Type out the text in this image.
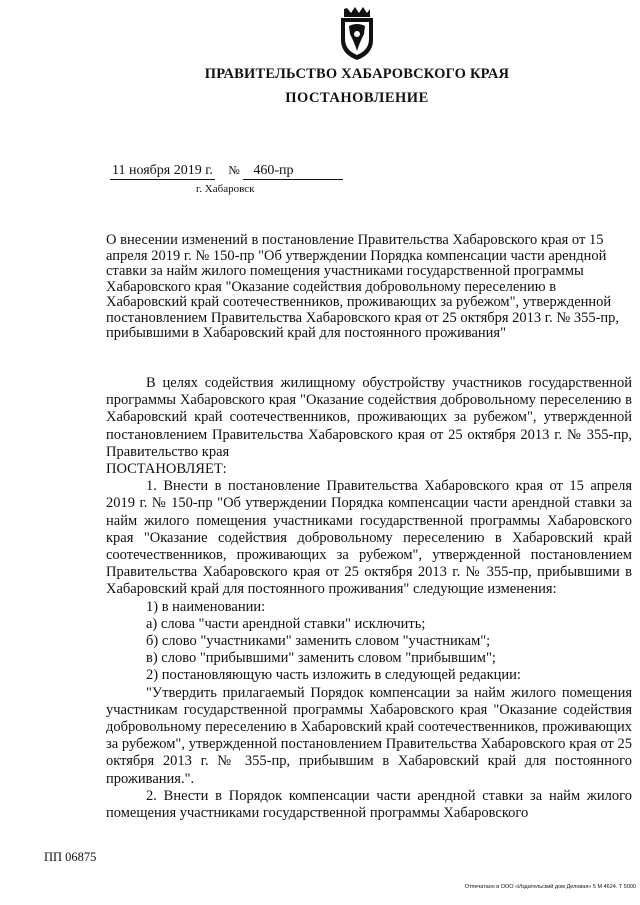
ПРАВИТЕЛЬСТВО ХАБАРОВСКОГО КРАЯ
ПОСТАНОВЛЕНИЕ
11 ноября 2019 г. № 460-пр
г. Хабаровск
О внесении изменений в постановление Правительства Хабаровского края от 15 апреля 2019 г. № 150-пр "Об утверждении Порядка компенсации части арендной ставки за найм жилого помещения участниками государственной программы Хабаровского края "Оказание содействия добровольному переселению в Хабаровский край соотечественников, проживающих за рубежом", утвержденной постановлением Правительства Хабаровского края от 25 октября 2013 г. № 355-пр, прибывшими в Хабаровский край для постоянного проживания"

В целях содействия жилищному обустройству участников государственной программы Хабаровского края "Оказание содействия добровольному переселению в Хабаровский край соотечественников, проживающих за рубежом", утвержденной постановлением Правительства Хабаровского края от 25 октября 2013 г. № 355-пр, Правительство края

ПОСТАНОВЛЯЕТ:

1. Внести в постановление Правительства Хабаровского края от 15 апреля 2019 г. № 150-пр "Об утверждении Порядка компенсации части арендной ставки за найм жилого помещения участниками государственной программы Хабаровского края "Оказание содействия добровольному переселению в Хабаровский край соотечественников, проживающих за рубежом", утвержденной постановлением Правительства Хабаровского края от 25 октября 2013 г. № 355-пр, прибывшими в Хабаровский край для постоянного проживания" следующие изменения:

1) в наименовании:

а) слова "части арендной ставки" исключить;

б) слово "участниками" заменить словом "участникам";

в) слово "прибывшими" заменить словом "прибывшим";

2) постановляющую часть изложить в следующей редакции:

"Утвердить прилагаемый Порядок компенсации за найм жилого помещения участникам государственной программы Хабаровского края "Оказание содействия добровольному переселению в Хабаровский край соотечественников, проживающих за рубежом", утвержденной постановлением Правительства Хабаровского края от 25 октября 2013 г. № 355-пр, прибывшим в Хабаровский край для постоянного проживания.".

2. Внести в Порядок компенсации части арендной ставки за найм жилого помещения участниками государственной программы Хабаровского

ПП 06875
Отпечатано в ООО «Издательский дом Деловая» 5 М 4624. Т 5000
